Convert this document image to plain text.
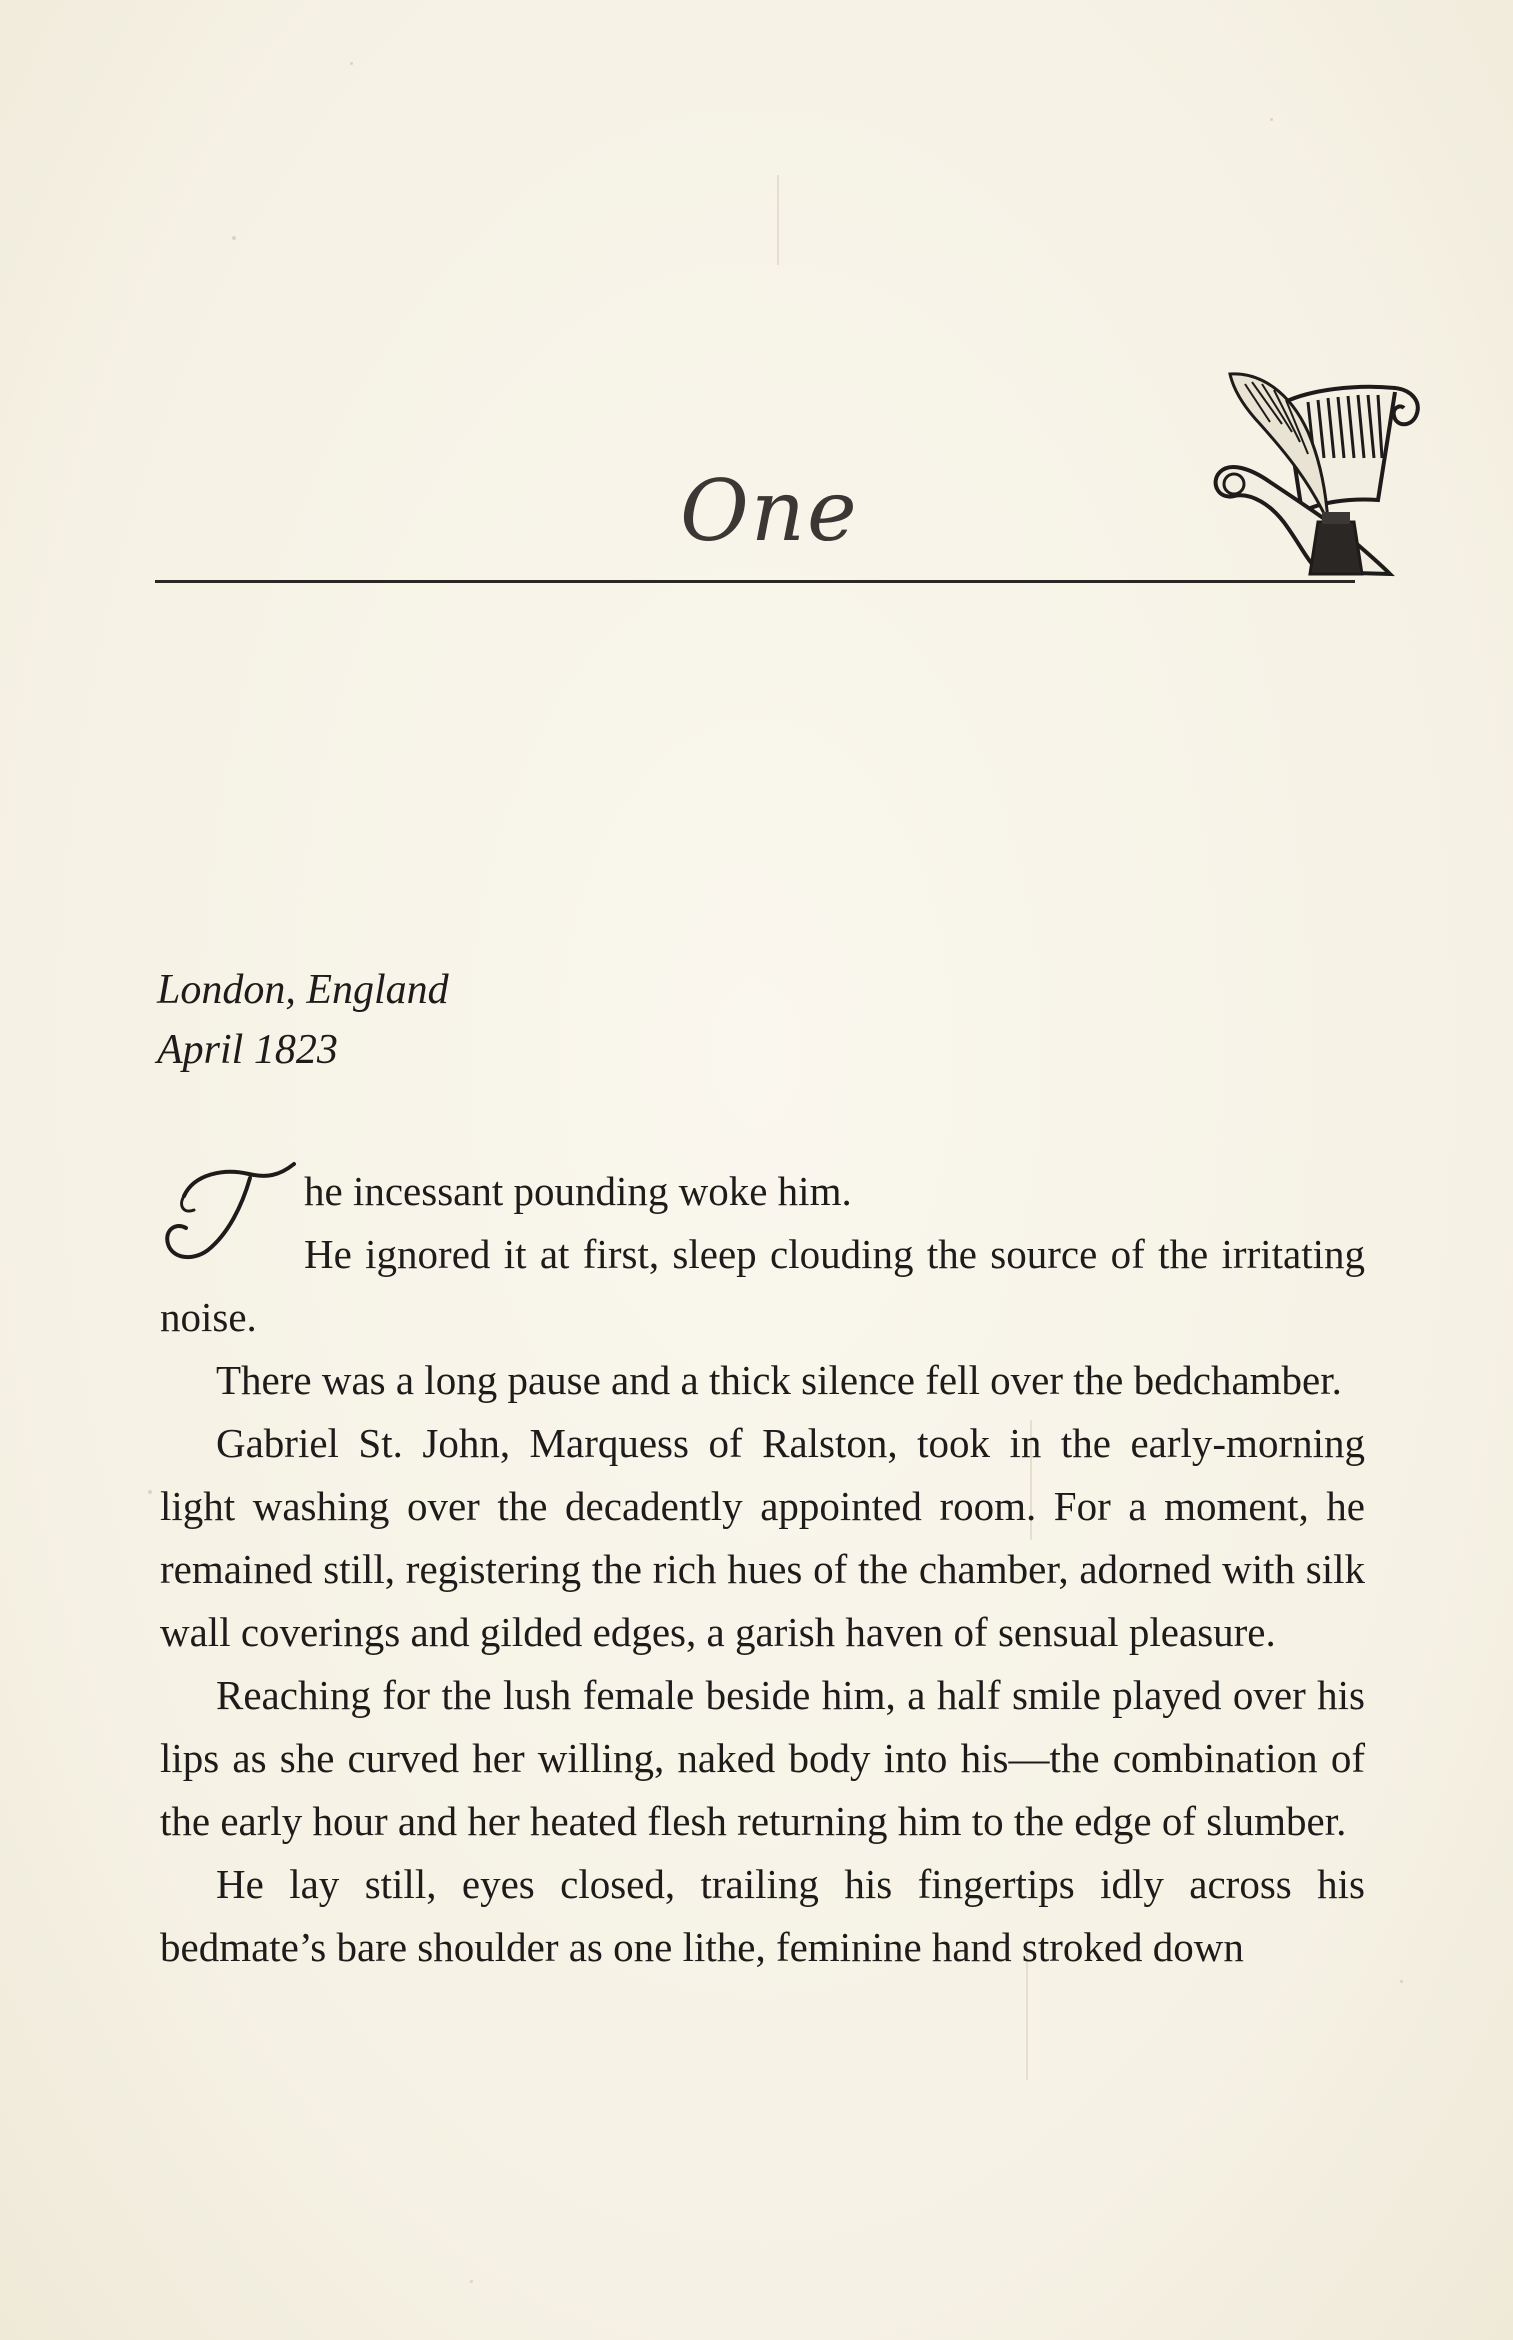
One
London, England
April 1823

he incessant pounding woke him.
He ignored it at first, sleep clouding the source of the irritating noise.

There was a long pause and a thick silence fell over the bedchamber.

Gabriel St. John, Marquess of Ralston, took in the early-morning light washing over the decadently appointed room. For a moment, he remained still, registering the rich hues of the chamber, adorned with silk wall coverings and gilded edges, a garish haven of sensual pleasure.

Reaching for the lush female beside him, a half smile played over his lips as she curved her willing, naked body into his—the combination of the early hour and her heated flesh returning him to the edge of slumber.

He lay still, eyes closed, trailing his fingertips idly across his bedmate’s bare shoulder as one lithe, feminine hand stroked down
